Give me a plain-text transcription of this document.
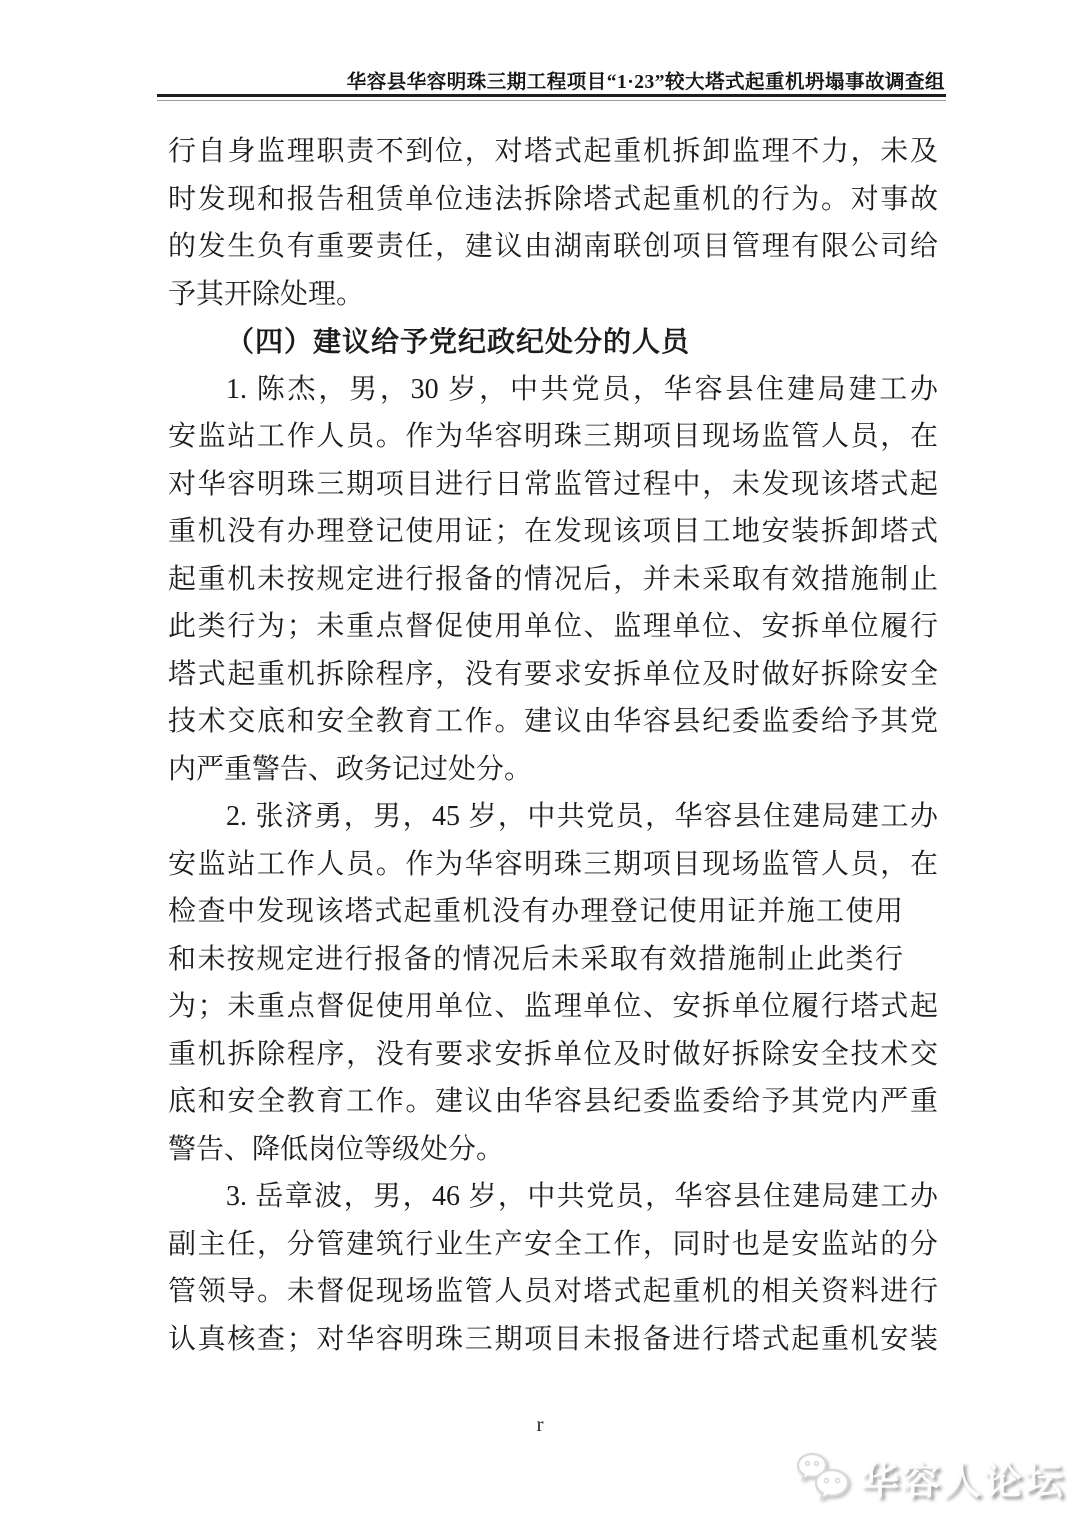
华容县华容明珠三期工程项目“1·23”较大塔式起重机坍塌事故调查组
行自身监理职责不到位，对塔式起重机拆卸监理不力，未及
时发现和报告租赁单位违法拆除塔式起重机的行为。对事故
的发生负有重要责任，建议由湖南联创项目管理有限公司给
予其开除处理。
（四）建议给予党纪政纪处分的人员
1. 陈杰，男，30 岁，中共党员，华容县住建局建工办
安监站工作人员。作为华容明珠三期项目现场监管人员，在
对华容明珠三期项目进行日常监管过程中，未发现该塔式起
重机没有办理登记使用证；在发现该项目工地安装拆卸塔式
起重机未按规定进行报备的情况后，并未采取有效措施制止
此类行为；未重点督促使用单位、监理单位、安拆单位履行
塔式起重机拆除程序，没有要求安拆单位及时做好拆除安全
技术交底和安全教育工作。建议由华容县纪委监委给予其党
内严重警告、政务记过处分。
2. 张济勇，男，45 岁，中共党员，华容县住建局建工办
安监站工作人员。作为华容明珠三期项目现场监管人员，在
检查中发现该塔式起重机没有办理登记使用证并施工使用
和未按规定进行报备的情况后未采取有效措施制止此类行
为；未重点督促使用单位、监理单位、安拆单位履行塔式起
重机拆除程序，没有要求安拆单位及时做好拆除安全技术交
底和安全教育工作。建议由华容县纪委监委给予其党内严重
警告、降低岗位等级处分。
3. 岳章波，男，46 岁，中共党员，华容县住建局建工办
副主任，分管建筑行业生产安全工作，同时也是安监站的分
管领导。未督促现场监管人员对塔式起重机的相关资料进行
认真核查；对华容明珠三期项目未报备进行塔式起重机安装
r
华容人论坛
